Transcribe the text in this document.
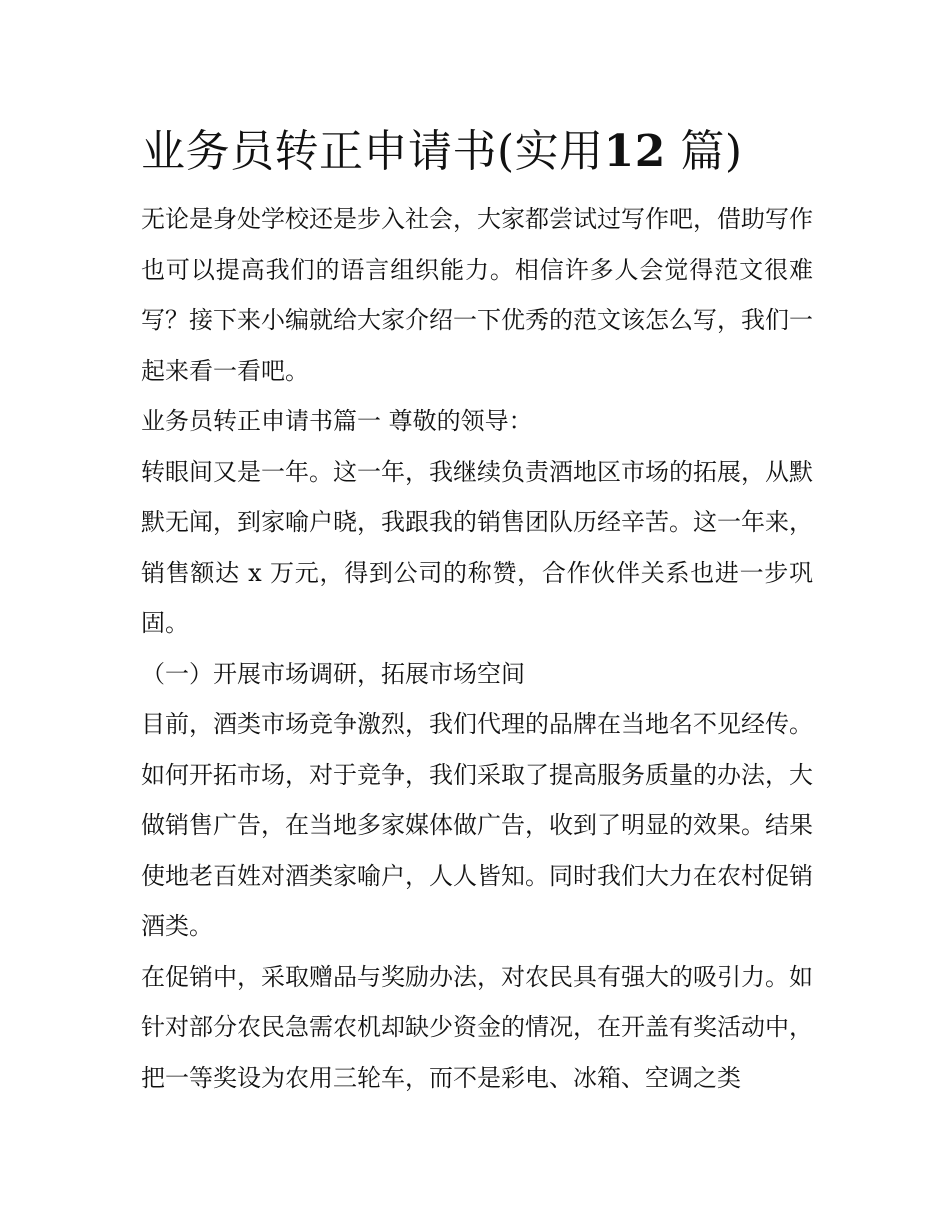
业务员转正申请书(实用12 篇)

无论是身处学校还是步入社会，大家都尝试过写作吧，借助写作也可以提高我们的语言组织能力。相信许多人会觉得范文很难写？接下来小编就给大家介绍一下优秀的范文该怎么写，我们一起来看一看吧。

业务员转正申请书篇一 尊敬的领导：

转眼间又是一年。这一年，我继续负责酒地区市场的拓展，从默默无闻，到家喻户晓，我跟我的销售团队历经辛苦。这一年来，销售额达 x 万元，得到公司的称赞，合作伙伴关系也进一步巩固。

（一）开展市场调研，拓展市场空间

目前，酒类市场竞争激烈，我们代理的品牌在当地名不见经传。如何开拓市场，对于竞争，我们采取了提高服务质量的办法，大做销售广告，在当地多家媒体做广告，收到了明显的效果。结果使地老百姓对酒类家喻户，人人皆知。同时我们大力在农村促销酒类。

在促销中，采取赠品与奖励办法，对农民具有强大的吸引力。如针对部分农民急需农机却缺少资金的情况，在开盖有奖活动中，把一等奖设为农用三轮车，而不是彩电、冰箱、空调之类
